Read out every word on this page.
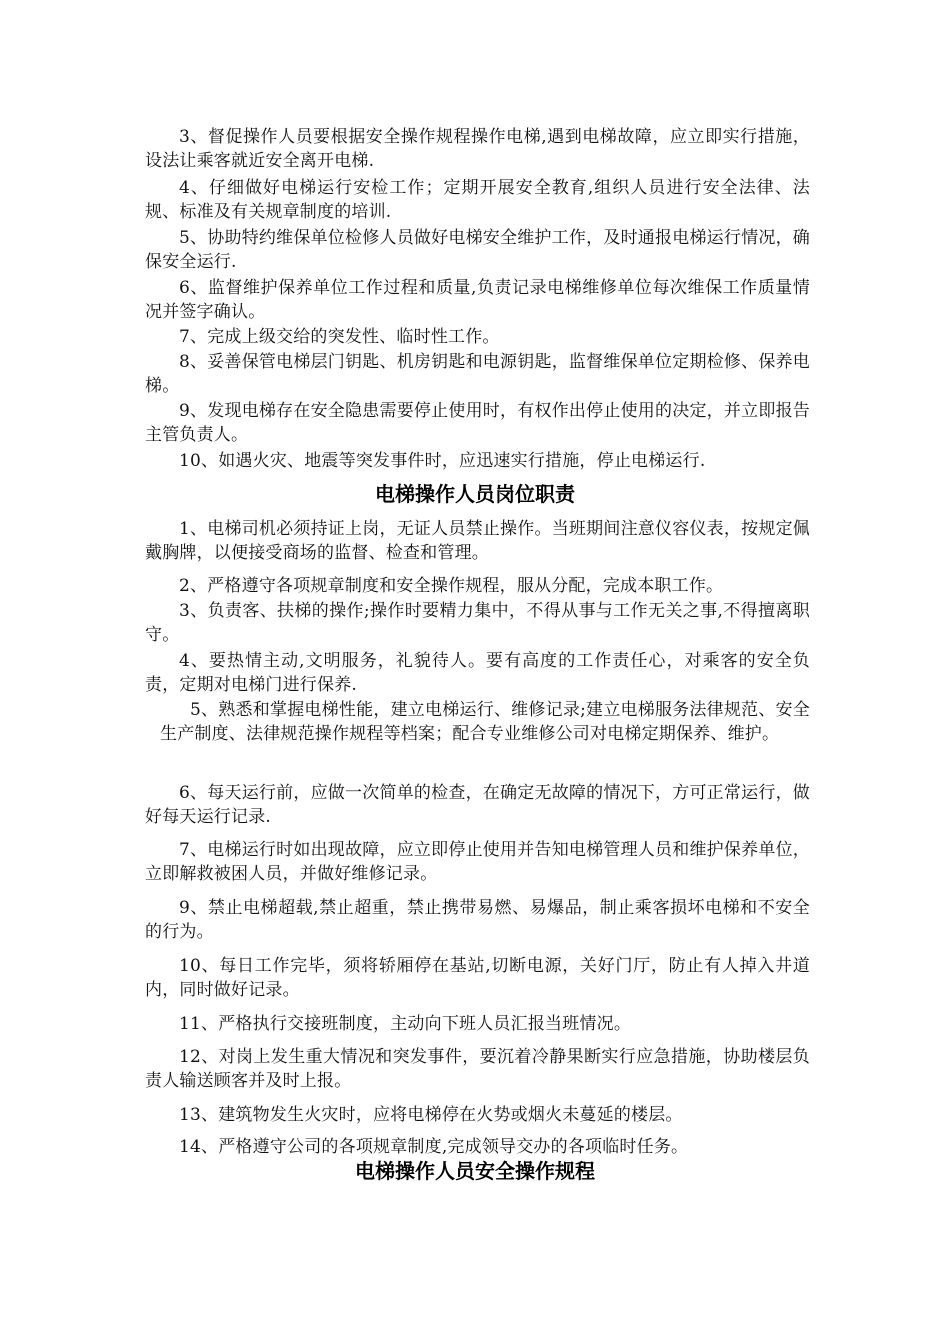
3、督促操作人员要根据安全操作规程操作电梯,遇到电梯故障，应立即实行措施，设法让乘客就近安全离开电梯.

4、仔细做好电梯运行安检工作；定期开展安全教育,组织人员进行安全法律、法规、标准及有关规章制度的培训.

5、协助特约维保单位检修人员做好电梯安全维护工作，及时通报电梯运行情况，确保安全运行.

6、监督维护保养单位工作过程和质量,负责记录电梯维修单位每次维保工作质量情况并签字确认。

7、完成上级交给的突发性、临时性工作。

8、妥善保管电梯层门钥匙、机房钥匙和电源钥匙，监督维保单位定期检修、保养电梯。

9、发现电梯存在安全隐患需要停止使用时，有权作出停止使用的决定，并立即报告主管负责人。

10、如遇火灾、地震等突发事件时，应迅速实行措施，停止电梯运行.

电梯操作人员岗位职责

1、电梯司机必须持证上岗，无证人员禁止操作。当班期间注意仪容仪表，按规定佩戴胸牌，以便接受商场的监督、检查和管理。

2、严格遵守各项规章制度和安全操作规程，服从分配，完成本职工作。

3、负责客、扶梯的操作;操作时要精力集中，不得从事与工作无关之事,不得擅离职守。

4、要热情主动,文明服务，礼貌待人。要有高度的工作责任心，对乘客的安全负责，定期对电梯门进行保养.

5、熟悉和掌握电梯性能，建立电梯运行、维修记录;建立电梯服务法律规范、安全生产制度、法律规范操作规程等档案；配合专业维修公司对电梯定期保养、维护。

6、每天运行前，应做一次简单的检查，在确定无故障的情况下，方可正常运行，做好每天运行记录.

7、电梯运行时如出现故障，应立即停止使用并告知电梯管理人员和维护保养单位，立即解救被困人员，并做好维修记录。

9、禁止电梯超载,禁止超重，禁止携带易燃、易爆品，制止乘客损坏电梯和不安全的行为。

10、每日工作完毕，须将轿厢停在基站,切断电源，关好门厅，防止有人掉入井道内，同时做好记录。

11、严格执行交接班制度，主动向下班人员汇报当班情况。

12、对岗上发生重大情况和突发事件，要沉着冷静果断实行应急措施，协助楼层负责人输送顾客并及时上报。

13、建筑物发生火灾时，应将电梯停在火势或烟火未蔓延的楼层。

14、严格遵守公司的各项规章制度,完成领导交办的各项临时任务。

电梯操作人员安全操作规程
